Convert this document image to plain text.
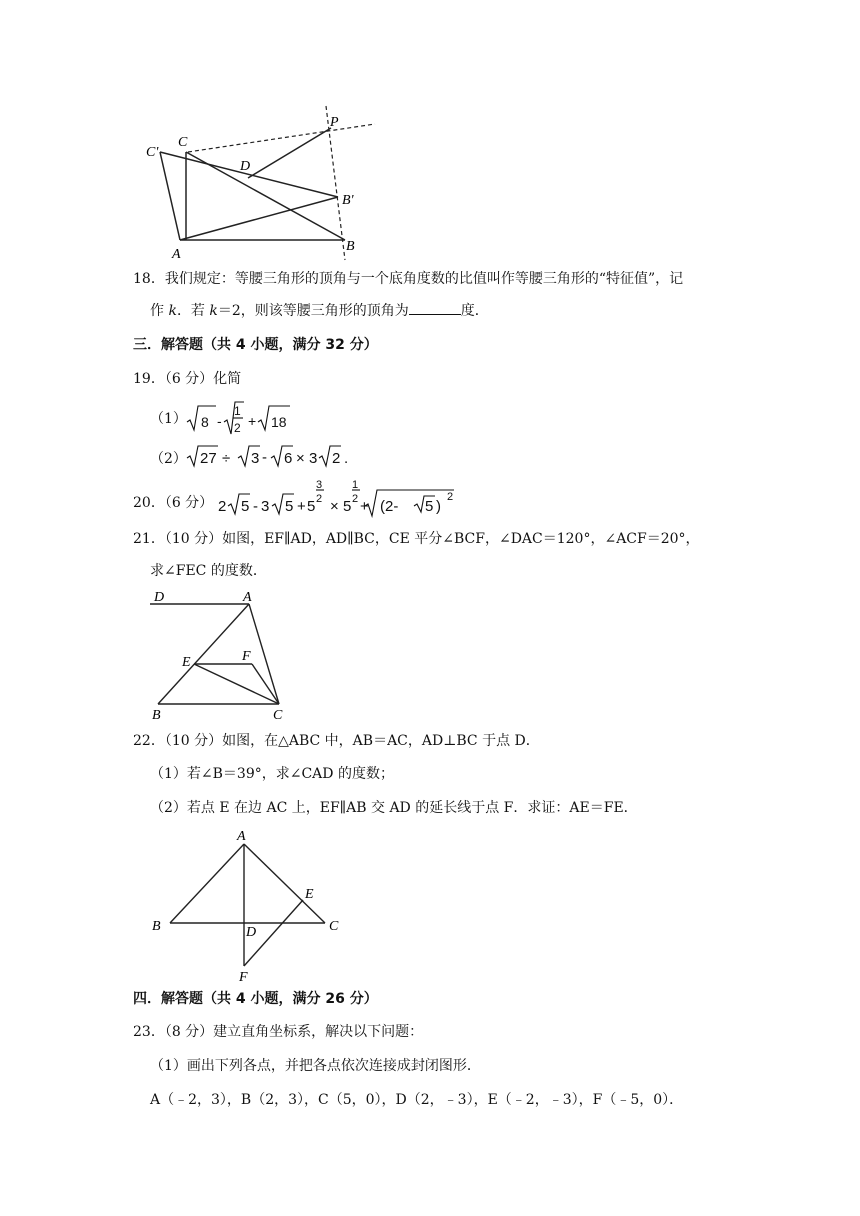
C'
C
P
D
B'
A
B
18．我们规定：等腰三角形的顶角与一个底角度数的比值叫作等腰三角形的“特征值”，记
作 k．若 k＝2，则该等腰三角形的顶角为	度．
三．解答题（共 4 小题，满分 32 分）
19．（6 分）化简
（1） 8 -
1
2 + 18
（2） 27 ÷ 3 - 6 × 3 2 .
20．（6 分） 2 5 - 3 5 + 5
3
2 × 5
1
2 + (2- 5 )
2
21．（10 分）如图，EF∥AD，AD∥BC，CE 平分∠BCF，∠DAC＝120°，∠ACF＝20°，
求∠FEC 的度数．
D	A
E	F
B	C
22．（10 分）如图，在△ABC 中，AB＝AC，AD⊥BC 于点 D．
（1）若∠B＝39°，求∠CAD 的度数；
（2）若点 E 在边 AC 上，EF∥AB 交 AD 的延长线于点 F．求证：AE＝FE．
A
E
B	D	C
F
四．解答题（共 4 小题，满分 26 分）
23．（8 分）建立直角坐标系，解决以下问题：
（1）画出下列各点，并把各点依次连接成封闭图形．
A（﹣2，3），B（2，3），C（5，0），D（2，﹣3），E（﹣2，﹣3），F（﹣5，0）．
